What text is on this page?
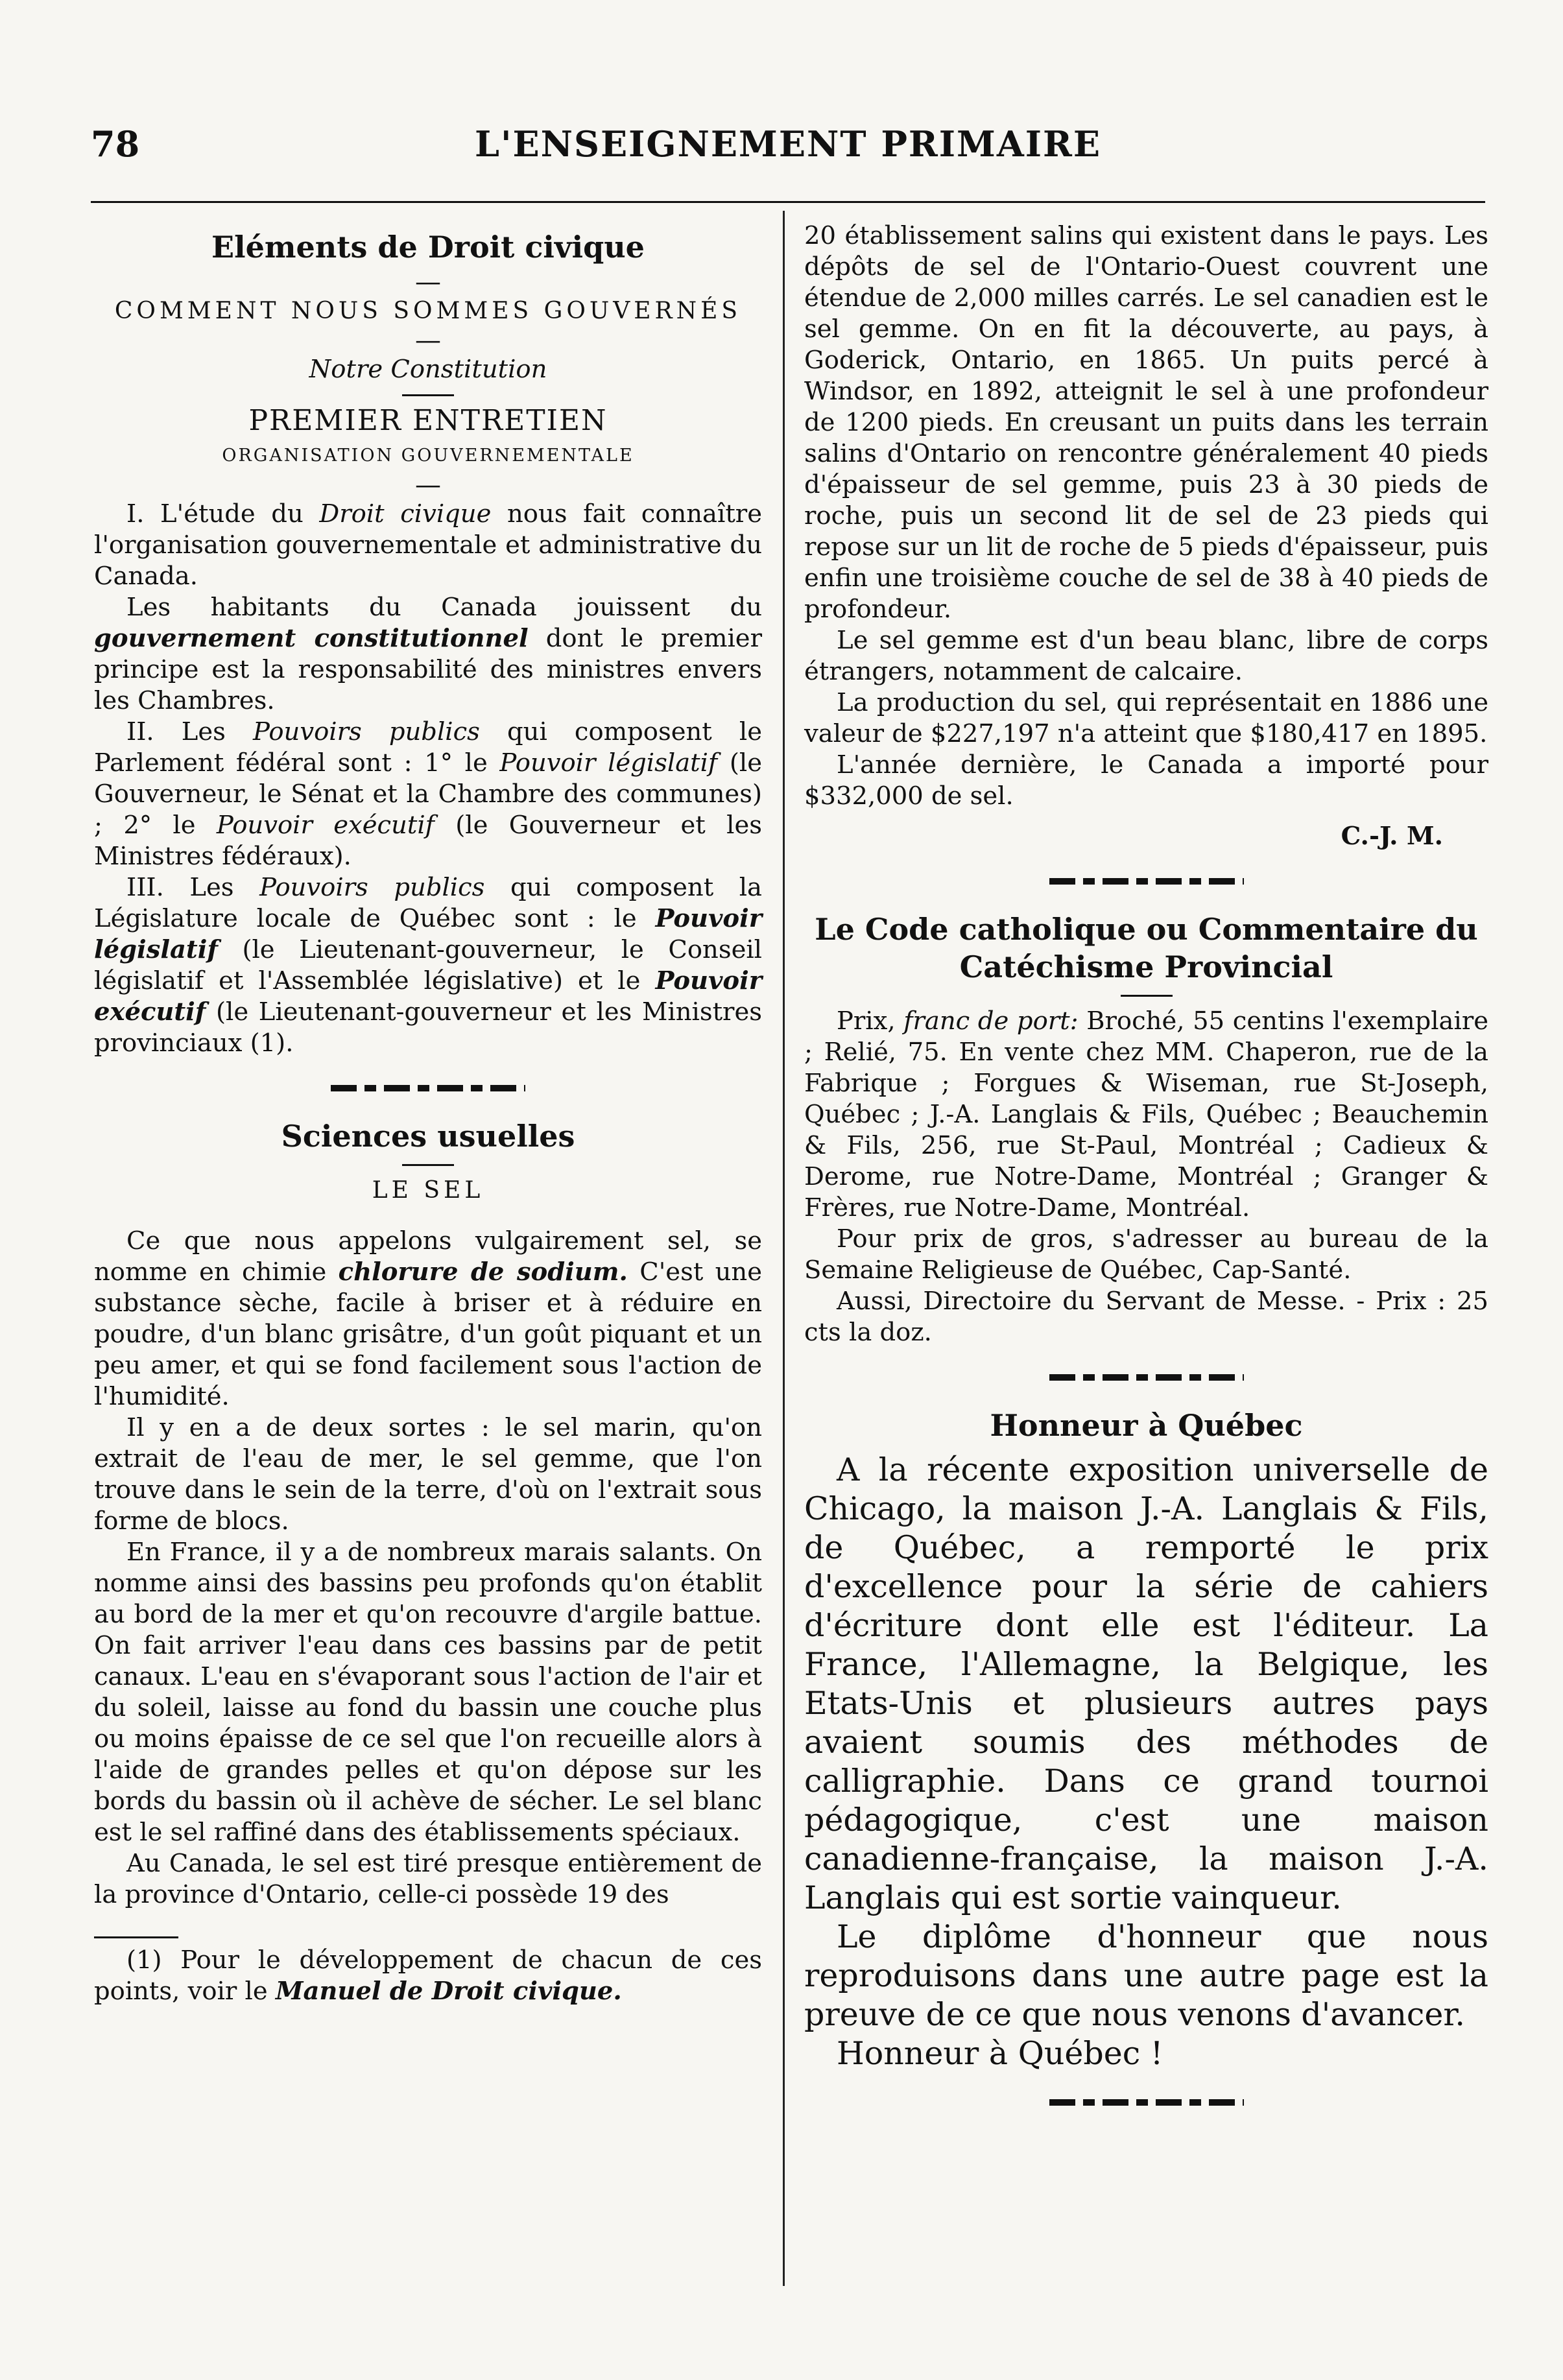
78	L'ENSEIGNEMENT PRIMAIRE
Eléments de Droit civique
—
COMMENT NOUS SOMMES GOUVERNÉS
—
Notre Constitution
PREMIER ENTRETIEN
ORGANISATION GOUVERNEMENTALE
—

I. L'étude du Droit civique nous fait connaître l'organisation gouvernementale et administrative du Canada.

Les habitants du Canada jouissent du gouvernement constitutionnel dont le premier principe est la responsabilité des ministres envers les Chambres.

II. Les Pouvoirs publics qui composent le Parlement fédéral sont : 1° le Pouvoir législatif (le Gouverneur, le Sénat et la Chambre des communes) ; 2° le Pouvoir exécutif (le Gouverneur et les Ministres fédéraux).

III. Les Pouvoirs publics qui composent la Législature locale de Québec sont : le Pouvoir législatif (le Lieutenant-gouverneur, le Conseil législatif et l'Assemblée législative) et le Pouvoir exécutif (le Lieutenant-gouverneur et les Ministres provinciaux (1).

Sciences usuelles
LE SEL

Ce que nous appelons vulgairement sel, se nomme en chimie chlorure de sodium. C'est une substance sèche, facile à briser et à réduire en poudre, d'un blanc grisâtre, d'un goût piquant et un peu amer, et qui se fond facilement sous l'action de l'humidité.

Il y en a de deux sortes : le sel marin, qu'on extrait de l'eau de mer, le sel gemme, que l'on trouve dans le sein de la terre, d'où on l'extrait sous forme de blocs.

En France, il y a de nombreux marais salants. On nomme ainsi des bassins peu profonds qu'on établit au bord de la mer et qu'on recouvre d'argile battue. On fait arriver l'eau dans ces bassins par de petit canaux. L'eau en s'évaporant sous l'action de l'air et du soleil, laisse au fond du bassin une couche plus ou moins épaisse de ce sel que l'on recueille alors à l'aide de grandes pelles et qu'on dépose sur les bords du bassin où il achève de sécher. Le sel blanc est le sel raffiné dans des établissements spéciaux.

Au Canada, le sel est tiré presque entièrement de la province d'Ontario, celle-ci possède 19 des

(1) Pour le développement de chacun de ces points, voir le Manuel de Droit civique.

20 établissement salins qui existent dans le pays. Les dépôts de sel de l'Ontario-Ouest couvrent une étendue de 2,000 milles carrés. Le sel canadien est le sel gemme. On en fit la découverte, au pays, à Goderick, Ontario, en 1865. Un puits percé à Windsor, en 1892, atteignit le sel à une profondeur de 1200 pieds. En creusant un puits dans les terrain salins d'Ontario on rencontre généralement 40 pieds d'épaisseur de sel gemme, puis 23 à 30 pieds de roche, puis un second lit de sel de 23 pieds qui repose sur un lit de roche de 5 pieds d'épaisseur, puis enfin une troisième couche de sel de 38 à 40 pieds de profondeur.

Le sel gemme est d'un beau blanc, libre de corps étrangers, notamment de calcaire.

La production du sel, qui représentait en 1886 une valeur de $227,197 n'a atteint que $180,417 en 1895.

L'année dernière, le Canada a importé pour $332,000 de sel.

C.-J. M.
Le Code catholique ou Commentaire du Catéchisme Provincial

Prix, franc de port: Broché, 55 centins l'exemplaire ; Relié, 75. En vente chez MM. Chaperon, rue de la Fabrique ; Forgues & Wiseman, rue St-Joseph, Québec ; J.-A. Langlais & Fils, Québec ; Beauchemin & Fils, 256, rue St-Paul, Montréal ; Cadieux & Derome, rue Notre-Dame, Montréal ; Granger & Frères, rue Notre-Dame, Montréal.

Pour prix de gros, s'adresser au bureau de la Semaine Religieuse de Québec, Cap-Santé.

Aussi, Directoire du Servant de Messe. - Prix : 25 cts la doz.

Honneur à Québec

A la récente exposition universelle de Chicago, la maison J.-A. Langlais & Fils, de Québec, a remporté le prix d'excellence pour la série de cahiers d'écriture dont elle est l'éditeur. La France, l'Allemagne, la Belgique, les Etats-Unis et plusieurs autres pays avaient soumis des méthodes de calligraphie. Dans ce grand tournoi pédagogique, c'est une maison canadienne-française, la maison J.-A. Langlais qui est sortie vainqueur.

Le diplôme d'honneur que nous reproduisons dans une autre page est la preuve de ce que nous venons d'avancer.

Honneur à Québec !
